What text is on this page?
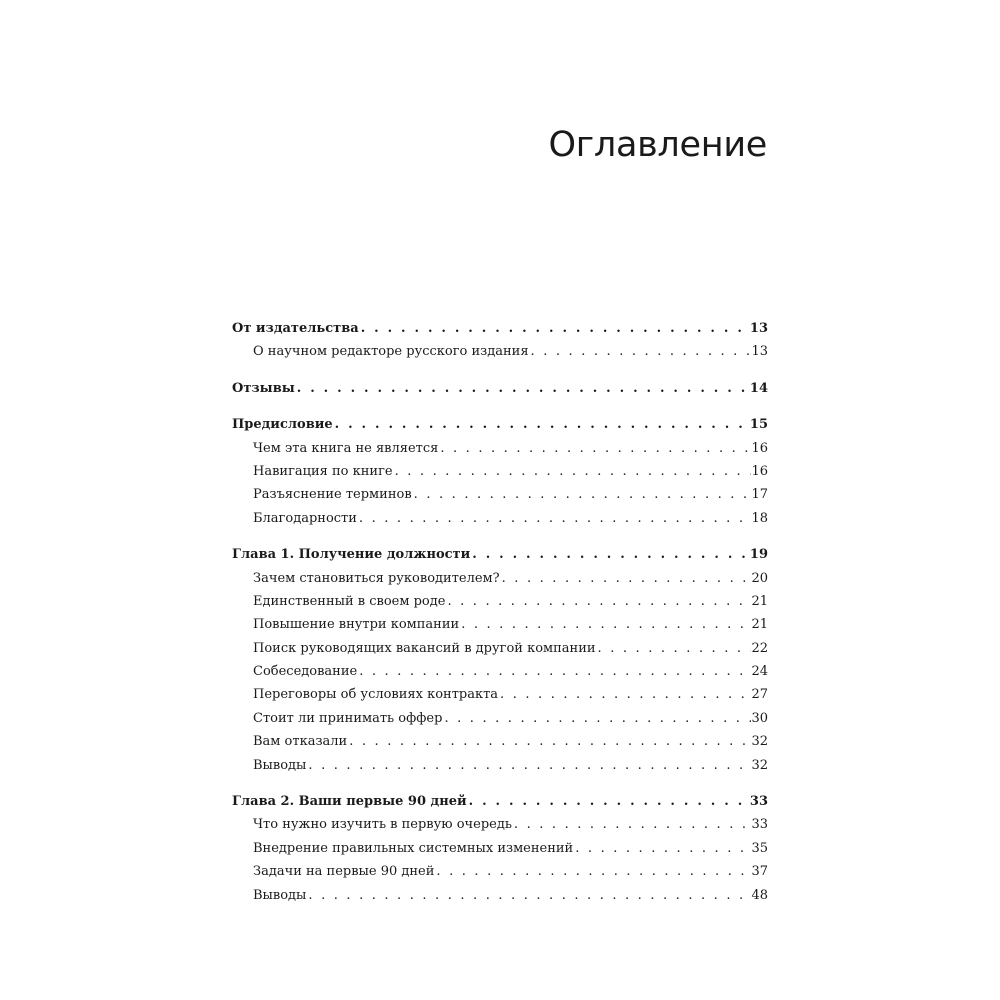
Оглавление
От издательства . . .	13
О научном редакторе русского издания . . .	13
Отзывы . . .	14
Предисловие . . .	15
Чем эта книга не является . . .	16
Навигация по книге . . .	16
Разъяснение терминов . . .	17
Благодарности . . .	18
Глава 1. Получение должности . . .	19
Зачем становиться руководителем? . . .	20
Единственный в своем роде . . .	21
Повышение внутри компании . . .	21
Поиск руководящих вакансий в другой компании . . .	22
Собеседование . . .	24
Переговоры об условиях контракта . . .	27
Стоит ли принимать оффер . . .	30
Вам отказали . . .	32
Выводы . . .	32
Глава 2. Ваши первые 90 дней . . .	33
Что нужно изучить в первую очередь . . .	33
Внедрение правильных системных изменений . . .	35
Задачи на первые 90 дней . . .	37
Выводы . . .	48
